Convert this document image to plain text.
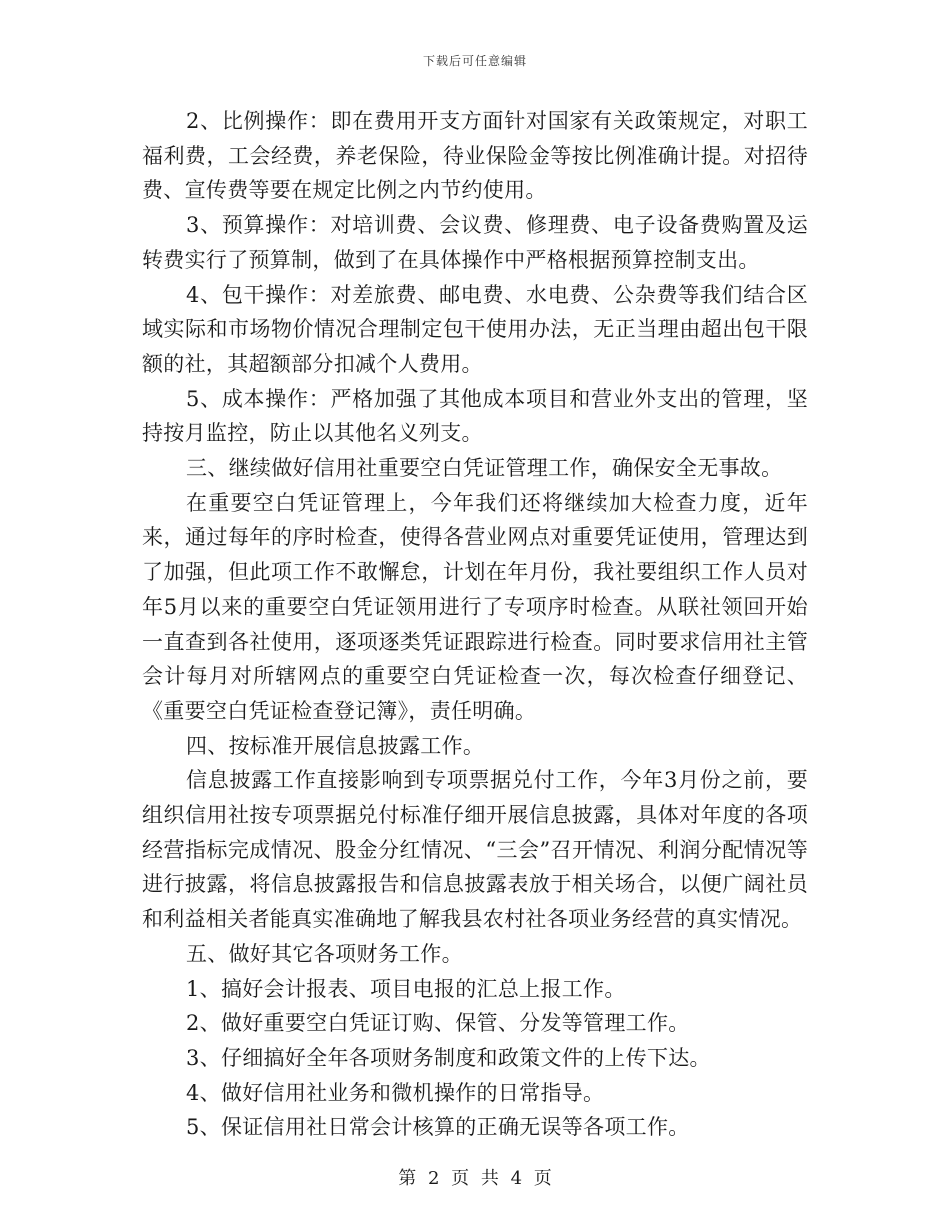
下载后可任意编辑

2、比例操作：即在费用开支方面针对国家有关政策规定，对职工福利费，工会经费，养老保险，待业保险金等按比例准确计提。对招待费、宣传费等要在规定比例之内节约使用。

3、预算操作：对培训费、会议费、修理费、电子设备费购置及运转费实行了预算制，做到了在具体操作中严格根据预算控制支出。

4、包干操作：对差旅费、邮电费、水电费、公杂费等我们结合区域实际和市场物价情况合理制定包干使用办法，无正当理由超出包干限额的社，其超额部分扣减个人费用。

5、成本操作：严格加强了其他成本项目和营业外支出的管理，坚持按月监控，防止以其他名义列支。

三、继续做好信用社重要空白凭证管理工作，确保安全无事故。

在重要空白凭证管理上，今年我们还将继续加大检查力度，近年来，通过每年的序时检查，使得各营业网点对重要凭证使用，管理达到了加强，但此项工作不敢懈怠，计划在年月份，我社要组织工作人员对年5月以来的重要空白凭证领用进行了专项序时检查。从联社领回开始一直查到各社使用，逐项逐类凭证跟踪进行检查。同时要求信用社主管会计每月对所辖网点的重要空白凭证检查一次，每次检查仔细登记、《重要空白凭证检查登记簿》，责任明确。

四、按标准开展信息披露工作。

信息披露工作直接影响到专项票据兑付工作，今年3月份之前，要组织信用社按专项票据兑付标准仔细开展信息披露，具体对年度的各项经营指标完成情况、股金分红情况、“三会”召开情况、利润分配情况等进行披露，将信息披露报告和信息披露表放于相关场合，以便广阔社员和利益相关者能真实准确地了解我县农村社各项业务经营的真实情况。

五、做好其它各项财务工作。

1、搞好会计报表、项目电报的汇总上报工作。

2、做好重要空白凭证订购、保管、分发等管理工作。

3、仔细搞好全年各项财务制度和政策文件的上传下达。

4、做好信用社业务和微机操作的日常指导。

5、保证信用社日常会计核算的正确无误等各项工作。

第 2 页 共 4 页
